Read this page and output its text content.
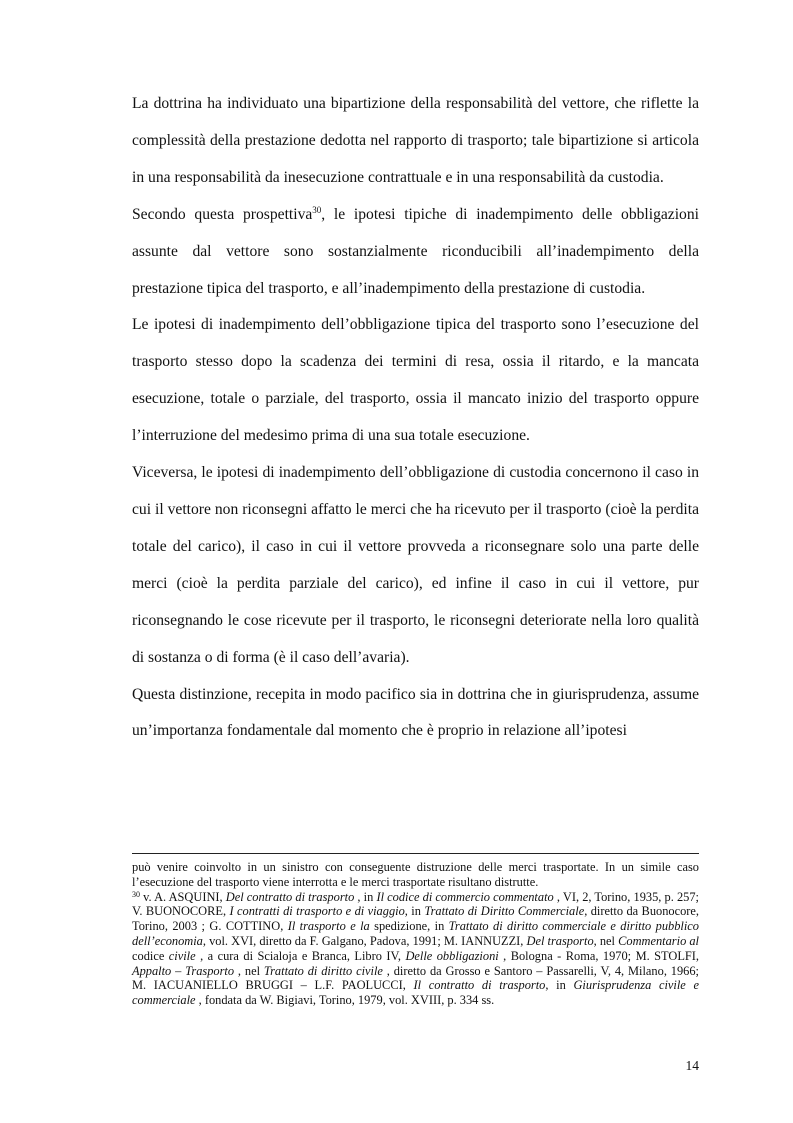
La dottrina ha individuato una bipartizione della responsabilità del vettore, che riflette la complessità della prestazione dedotta nel rapporto di trasporto; tale bipartizione si articola in una responsabilità da inesecuzione contrattuale e in una responsabilità da custodia.

Secondo questa prospettiva$^{30}$, le ipotesi tipiche di inadempimento delle obbligazioni assunte dal vettore sono sostanzialmente riconducibili all’inadempimento della prestazione tipica del trasporto, e all’inadempimento della prestazione di custodia.

Le ipotesi di inadempimento dell’obbligazione tipica del trasporto sono l’esecuzione del trasporto stesso dopo la scadenza dei termini di resa, ossia il ritardo, e la mancata esecuzione, totale o parziale, del trasporto, ossia il mancato inizio del trasporto oppure l’interruzione del medesimo prima di una sua totale esecuzione.

Viceversa, le ipotesi di inadempimento dell’obbligazione di custodia concernono il caso in cui il vettore non riconsegni affatto le merci che ha ricevuto per il trasporto (cioè la perdita totale del carico), il caso in cui il vettore provveda a riconsegnare solo una parte delle merci (cioè la perdita parziale del carico), ed infine il caso in cui il vettore, pur riconsegnando le cose ricevute per il trasporto, le riconsegni deteriorate nella loro qualità di sostanza o di forma (è il caso dell’avaria).

Questa distinzione, recepita in modo pacifico sia in dottrina che in giurisprudenza, assume un’importanza fondamentale dal momento che è proprio in relazione all’ipotesi

può venire coinvolto in un sinistro con conseguente distruzione delle merci trasportate. In un simile caso l’esecuzione del trasporto viene interrotta e le merci trasportate risultano distrutte.

$^{30}$ v. A. ASQUINI, Del contratto di trasporto , in Il codice di commercio commentato , VI, 2, Torino, 1935, p. 257; V. BUONOCORE, I contratti di trasporto e di viaggio, in Trattato di Diritto Commerciale, diretto da Buonocore, Torino, 2003 ; G. COTTINO, Il trasporto e la spedizione, in Trattato di diritto commerciale e diritto pubblico dell’economia, vol. XVI, diretto da F. Galgano, Padova, 1991; M. IANNUZZI, Del trasporto, nel Commentario al codice civile , a cura di Scialoja e Branca, Libro IV, Delle obbligazioni , Bologna - Roma, 1970; M. STOLFI, Appalto – Trasporto , nel Trattato di diritto civile , diretto da Grosso e Santoro – Passarelli, V, 4, Milano, 1966; M. IACUANIELLO BRUGGI – L.F. PAOLUCCI, Il contratto di trasporto, in Giurisprudenza civile e commerciale , fondata da W. Bigiavi, Torino, 1979, vol. XVIII, p. 334 ss.

14
